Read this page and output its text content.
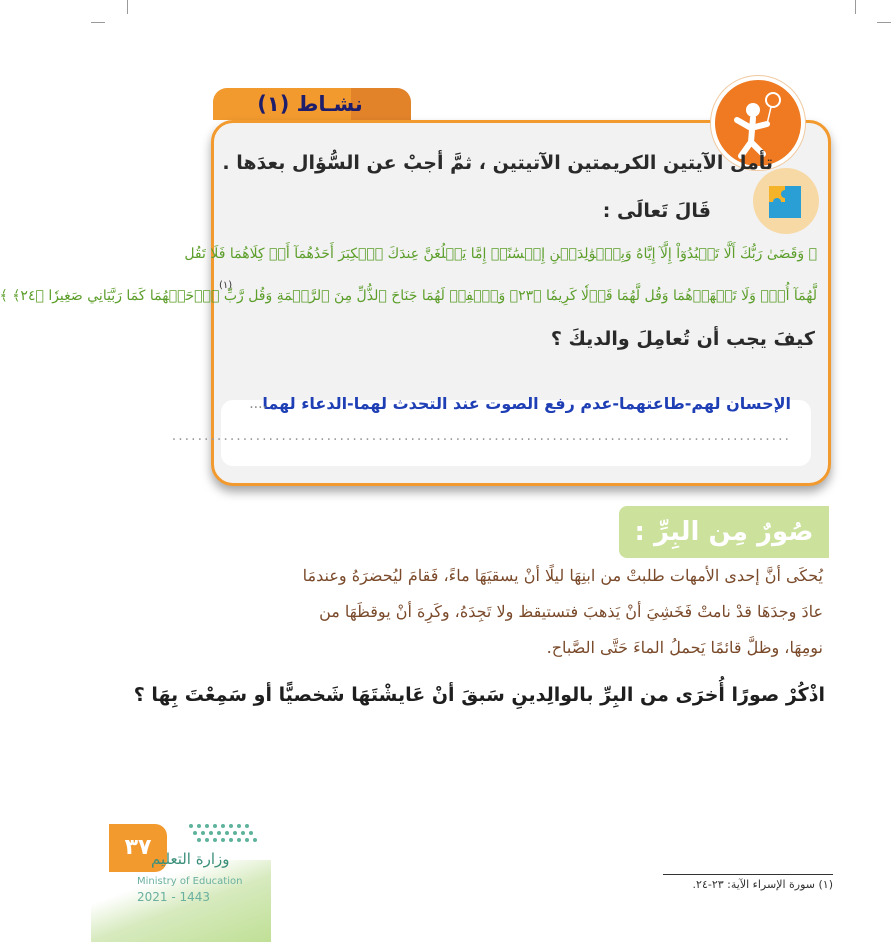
نشـاط (١)
تأمل الآيتين الكريمتين الآتيتين ، ثمَّ أجبْ عن السُّؤال بعدَها .
قَالَ تَعالَى :
﴿ وَقَضَىٰ رَبُّكَ أَلَّا تَعۡبُدُوٓاْ إِلَّآ إِيَّاهُ وَبِٱلۡوَٰلِدَيۡنِ إِحۡسَٰنًاۚ إِمَّا يَبۡلُغَنَّ عِندَكَ ٱلۡكِبَرَ أَحَدُهُمَآ أَوۡ كِلَاهُمَا فَلَا تَقُل
لَّهُمَآ أُفّٖ وَلَا تَنۡهَرۡهُمَا وَقُل لَّهُمَا قَوۡلٗا كَرِيمٗا ﴿٢٣﴾ وَٱخۡفِضۡ لَهُمَا جَنَاحَ ٱلذُّلِّ مِنَ ٱلرَّحۡمَةِ وَقُل رَّبِّ ٱرۡحَمۡهُمَا كَمَا رَبَّيَانِي صَغِيرٗا ﴿٢٤﴾ ﴾
(١)
كيفَ يجب أن تُعامِلَ والديكَ ؟
الإحسان لهم-طاعتهما-عدم رفع الصوت عند التحدث لهما-الدعاء لهما
....
................................................................................................
صُورٌ مِن البِرِّ :
يُحكَى أنَّ إحدى الأمهات طلبتْ من ابنِهَا ليلًا أنْ يسقيَهَا ماءً، فَقامَ ليُحضرَهُ وعندمَا
عادَ وجدَهَا قدْ نامتْ فَخَشِيَ أنْ يَذهبَ فتستيقظ ولا تَجِدَهُ، وكَرِهَ أنْ يوقظَهَا من
نومِهَا، وظلَّ قائمًا يَحملُ الماءَ حَتَّى الصَّباح.
اذْكُرْ صورًا أُخرَى من البِرِّ بالوالِدينِ سَبقَ أنْ عَايشْتَهَا شَخصيًّا أو سَمِعْتَ بِهَا ؟
٣٧ وزارة التعليم
Ministry of Education
2021 - 1443
(١) سورة الإسراء الآية: ٢٣-٢٤.
